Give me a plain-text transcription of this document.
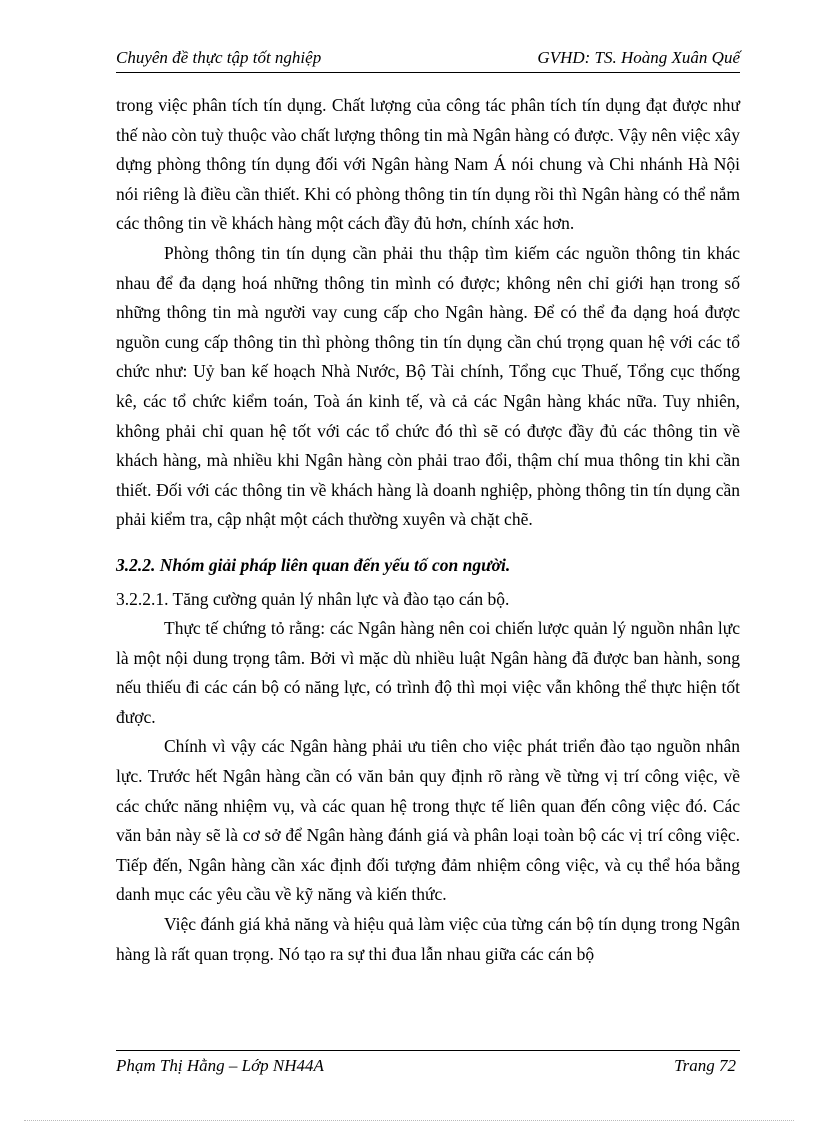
Chuyên đề thực tập tốt nghiệp	GVHD: TS. Hoàng Xuân Quế

trong việc phân tích tín dụng. Chất lượng của công tác phân tích tín dụng đạt được như thế nào còn tuỳ thuộc vào chất lượng thông tin mà Ngân hàng có được. Vậy nên việc xây dựng phòng thông tín dụng đối với Ngân hàng Nam Á nói chung và Chi nhánh Hà Nội nói riêng là điều cần thiết. Khi có phòng thông tin tín dụng rồi thì Ngân hàng có thể nắm các thông tin về khách hàng một cách đầy đủ hơn, chính xác hơn.

Phòng thông tin tín dụng cần phải thu thập tìm kiếm các nguồn thông tin khác nhau để đa dạng hoá những thông tin mình có được; không nên chỉ giới hạn trong số những thông tin mà người vay cung cấp cho Ngân hàng. Để có thể đa dạng hoá được nguồn cung cấp thông tin thì phòng thông tin tín dụng cần chú trọng quan hệ với các tổ chức như: Uỷ ban kế hoạch Nhà Nước, Bộ Tài chính, Tổng cục Thuế, Tổng cục thống kê, các tổ chức kiểm toán, Toà án kinh tế, và cả các Ngân hàng khác nữa. Tuy nhiên, không phải chỉ quan hệ tốt với các tổ chức đó thì sẽ có được đầy đủ các thông tin về khách hàng, mà nhiều khi Ngân hàng còn phải trao đổi, thậm chí mua thông tin khi cần thiết. Đối với các thông tin về khách hàng là doanh nghiệp, phòng thông tin tín dụng cần phải kiểm tra, cập nhật một cách thường xuyên và chặt chẽ.

3.2.2. Nhóm giải pháp liên quan đến yếu tố con người.

3.2.2.1. Tăng cường quản lý nhân lực và đào tạo cán bộ.

Thực tế chứng tỏ rằng: các Ngân hàng nên coi chiến lược quản lý nguồn nhân lực là một nội dung trọng tâm. Bởi vì mặc dù nhiều luật Ngân hàng đã được ban hành, song nếu thiếu đi các cán bộ có năng lực, có trình độ thì mọi việc vẫn không thể thực hiện tốt được.

Chính vì vậy các Ngân hàng phải ưu tiên cho việc phát triển đào tạo nguồn nhân lực. Trước hết Ngân hàng cần có văn bản quy định rõ ràng về từng vị trí công việc, về các chức năng nhiệm vụ, và các quan hệ trong thực tế liên quan đến công việc đó. Các văn bản này sẽ là cơ sở để Ngân hàng đánh giá và phân loại toàn bộ các vị trí công việc. Tiếp đến, Ngân hàng cần xác định đối tượng đảm nhiệm công việc, và cụ thể hóa bằng danh mục các yêu cầu về kỹ năng và kiến thức.

Việc đánh giá khả năng và hiệu quả làm việc của từng cán bộ tín dụng trong Ngân hàng là rất quan trọng. Nó tạo ra sự thi đua lẫn nhau giữa các cán bộ

Phạm Thị Hằng – Lớp NH44A	Trang 72
